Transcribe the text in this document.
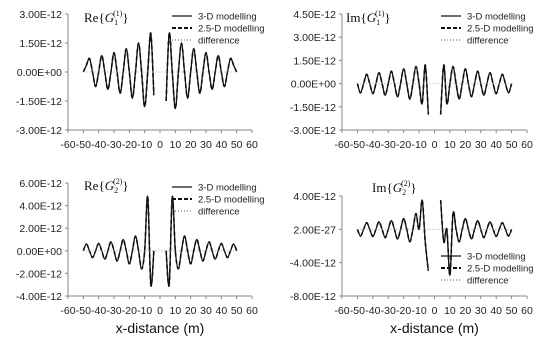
-3.00E-12
-1.50E-12
0.00E+00
1.50E-12
3.00E-12
-60 -50 -40 -30 -20 -10 0 10 20 30 40 50 60
$Re\{G_1(1)\}$	3-D modelling
2.5-D modelling
difference
-3.00E-12
-1.50E-12
0.00E+00
1.50E-12
3.00E-12
4.50E-12
-60 -50 -40 -30 -20 -10 0 10 20 30 40 50 60
$Im\{G_1(1)\}$	3-D modelling
2.5-D modelling
difference
-4.00E-12
-2.00E-12
0.00E+00
2.00E-12
4.00E-12
6.00E-12
-60 -50 -40 -30 -20 -10 0 10 20 30 40 50 60
$Re\{G_2(2)\}$	3-D modelling
2.5-D modelling
difference
x-distance (m)
-8.00E-12
-4.00E-12
2.00E-27
4.00E-12
-60 -50 -40 -30 -20 -10 0 10 20 30 40 50 60
$Im\{G_2(2)\}$
3-D modelling
2.5-D modelling
difference
x-distance (m)
